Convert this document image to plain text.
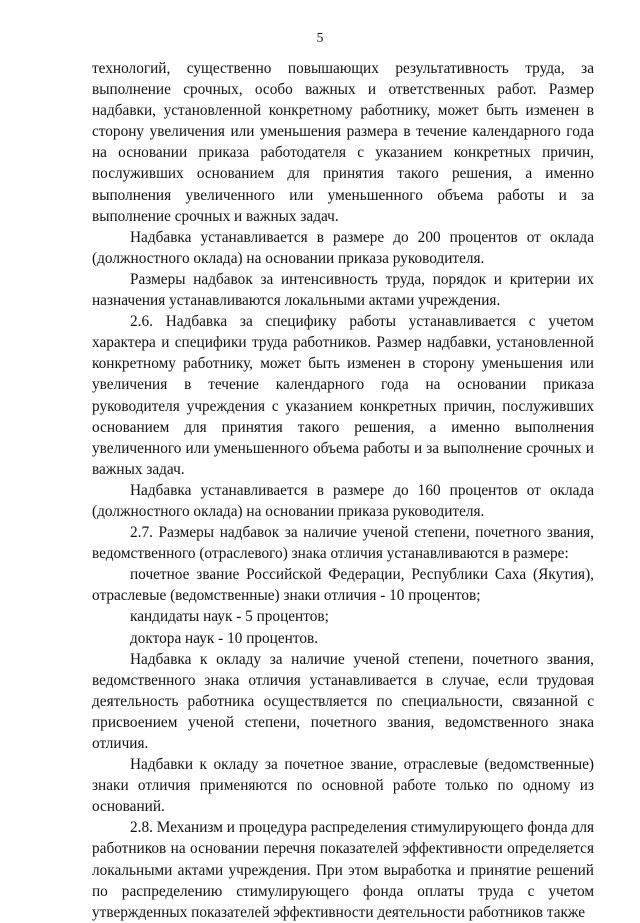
5

технологий, существенно повышающих результативность труда, за выполнение срочных, особо важных и ответственных работ. Размер надбавки, установленной конкретному работнику, может быть изменен в сторону увеличения или уменьшения размера в течение календарного года на основании приказа работодателя с указанием конкретных причин, послуживших основанием для принятия такого решения, а именно выполнения увеличенного или уменьшенного объема работы и за выполнение срочных и важных задач.

Надбавка устанавливается в размере до 200 процентов от оклада (должностного оклада) на основании приказа руководителя.

Размеры надбавок за интенсивность труда, порядок и критерии их назначения устанавливаются локальными актами учреждения.

2.6. Надбавка за специфику работы устанавливается с учетом характера и специфики труда работников. Размер надбавки, установленной конкретному работнику, может быть изменен в сторону уменьшения или увеличения в течение календарного года на основании приказа руководителя учреждения с указанием конкретных причин, послуживших основанием для принятия такого решения, а именно выполнения увеличенного или уменьшенного объема работы и за выполнение срочных и важных задач.

Надбавка устанавливается в размере до 160 процентов от оклада (должностного оклада) на основании приказа руководителя.

2.7. Размеры надбавок за наличие ученой степени, почетного звания, ведомственного (отраслевого) знака отличия устанавливаются в размере:

почетное звание Российской Федерации, Республики Саха (Якутия), отраслевые (ведомственные) знаки отличия - 10 процентов;

кандидаты наук - 5 процентов;

доктора наук - 10 процентов.

Надбавка к окладу за наличие ученой степени, почетного звания, ведомственного знака отличия устанавливается в случае, если трудовая деятельность работника осуществляется по специальности, связанной с присвоением ученой степени, почетного звания, ведомственного знака отличия.

Надбавки к окладу за почетное звание, отраслевые (ведомственные) знаки отличия применяются по основной работе только по одному из оснований.

2.8. Механизм и процедура распределения стимулирующего фонда для работников на основании перечня показателей эффективности определяется локальными актами учреждения. При этом выработка и принятие решений по распределению стимулирующего фонда оплаты труда с учетом утвержденных показателей эффективности деятельности работников также
